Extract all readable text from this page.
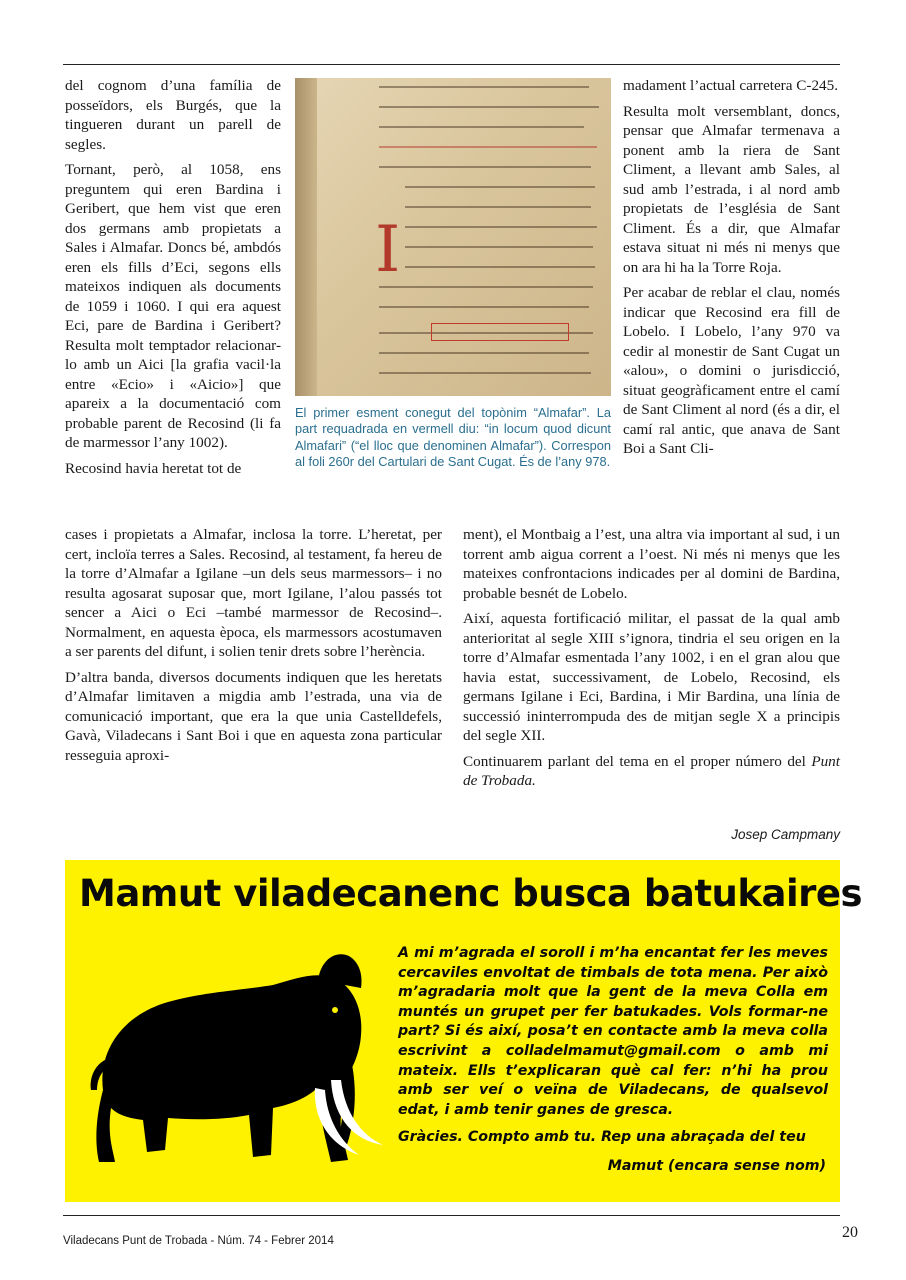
del cognom d’una família de posseïdors, els Burgés, que la tingueren durant un parell de segles.

Tornant, però, al 1058, ens preguntem qui eren Bardina i Geribert, que hem vist que eren dos germans amb propietats a Sales i Almafar. Doncs bé, ambdós eren els fills d’Eci, segons ells mateixos indiquen als documents de 1059 i 1060. I qui era aquest Eci, pare de Bardina i Geribert? Resulta molt temptador relacionar-lo amb un Aici [la grafia vacil·la entre «Ecio» i «Aicio»] que apareix a la documentació com probable parent de Recosind (li fa de marmessor l’any 1002).

Recosind havia heretat tot de

cases i propietats a Almafar, inclosa la torre. L’heretat, per cert, incloïa terres a Sales. Recosind, al testament, fa hereu de la torre d’Almafar a Igilane –un dels seus marmessors– i no resulta agosarat suposar que, mort Igilane, l’alou passés tot sencer a Aici o Eci –també marmessor de Recosind–. Normalment, en aquesta època, els marmessors acostumaven a ser parents del difunt, i solien tenir drets sobre l’herència.

D’altra banda, diversos documents indiquen que les heretats d’Almafar limitaven a migdia amb l’estrada, una via de comunicació important, que era la que unia Castelldefels, Gavà, Viladecans i Sant Boi i que en aquesta zona particular resseguia aproxi-

I
El primer esment conegut del topònim “Almafar”. La part requadrada en vermell diu: “in locum quod dicunt Almafari” (“el lloc que denominen Almafar”). Correspon al foli 260r del Cartulari de Sant Cugat. És de l’any 978.

madament l’actual carretera C-245.

Resulta molt versemblant, doncs, pensar que Almafar termenava a ponent amb la riera de Sant Climent, a llevant amb Sales, al sud amb l’estrada, i al nord amb propietats de l’església de Sant Climent. És a dir, que Almafar estava situat ni més ni menys que on ara hi ha la Torre Roja.

Per acabar de reblar el clau, només indicar que Recosind era fill de Lobelo. I Lobelo, l’any 970 va cedir al monestir de Sant Cugat un «alou», o domini o jurisdicció, situat geogràficament entre el camí de Sant Climent al nord (és a dir, el camí ral antic, que anava de Sant Boi a Sant Cli-

ment), el Montbaig a l’est, una altra via important al sud, i un torrent amb aigua corrent a l’oest. Ni més ni menys que les mateixes confrontacions indicades per al domini de Bardina, probable besnét de Lobelo.

Així, aquesta fortificació militar, el passat de la qual amb anterioritat al segle XIII s’ignora, tindria el seu origen en la torre d’Almafar esmentada l’any 1002, i en el gran alou que havia estat, successivament, de Lobelo, Recosind, els germans Igilane i Eci, Bardina, i Mir Bardina, una línia de successió ininterrompuda des de mitjan segle X a principis del segle XII.

Continuarem parlant del tema en el proper número del Punt de Trobada.

Josep Campmany
Mamut viladecanenc busca batukaires

A mi m’agrada el soroll i m’ha encantat fer les meves cercaviles envoltat de timbals de tota mena. Per això m’agradaria molt que la gent de la meva Colla em muntés un grupet per fer batukades. Vols formar-ne part? Si és així, posa’t en contacte amb la meva colla escrivint a colladelmamut@gmail.com o amb mi mateix. Ells t’explicaran què cal fer: n’hi ha prou amb ser veí o veïna de Viladecans, de qualsevol edat, i amb tenir ganes de gresca.

Gràcies. Compto amb tu. Rep una abraçada del teu

Mamut (encara sense nom)
Viladecans Punt de Trobada - Núm. 74 - Febrer 2014	20
